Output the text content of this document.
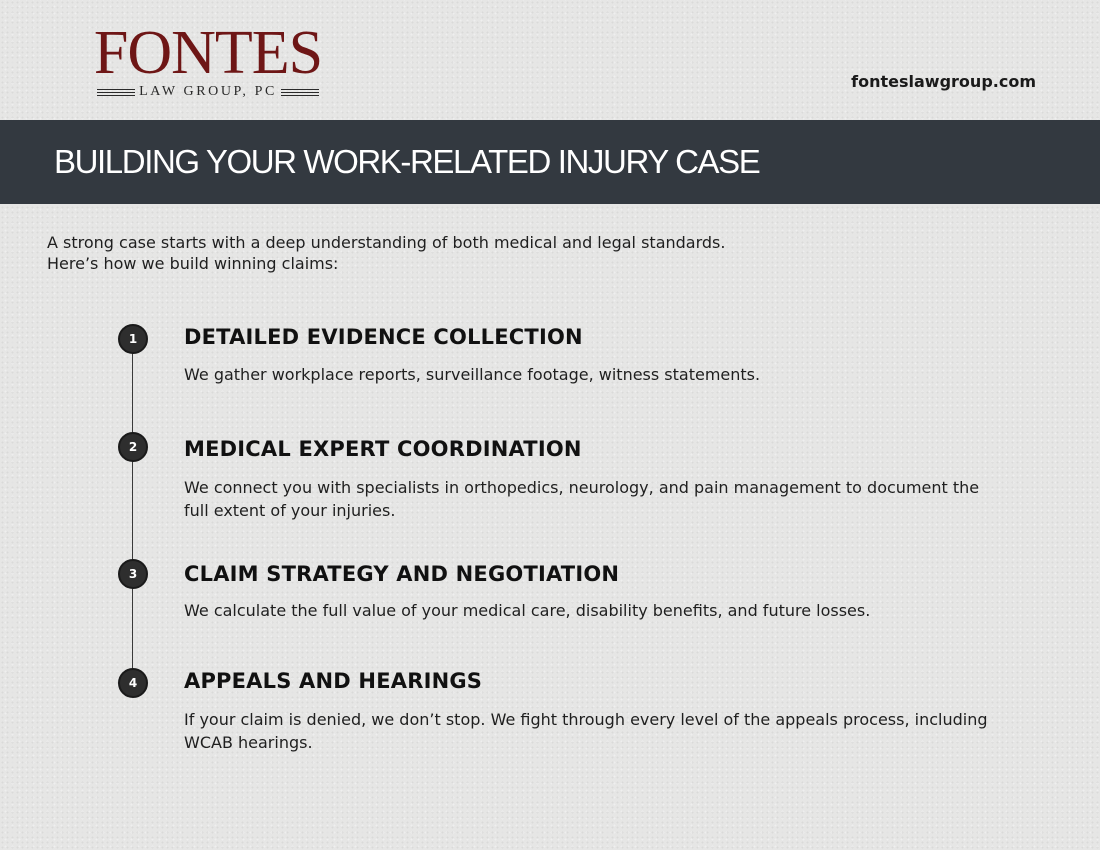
FONTES
LAW GROUP, PC
fonteslawgroup.com
BUILDING YOUR WORK-RELATED INJURY CASE
A strong case starts with a deep understanding of both medical and legal standards.
Here’s how we build winning claims:
1	DETAILED EVIDENCE COLLECTION
We gather workplace reports, surveillance footage, witness statements.
2	MEDICAL EXPERT COORDINATION
We connect you with specialists in orthopedics, neurology, and pain management to document the full extent of your injuries.
3	CLAIM STRATEGY AND NEGOTIATION
We calculate the full value of your medical care, disability benefits, and future losses.
4	APPEALS AND HEARINGS
If your claim is denied, we don’t stop. We fight through every level of the appeals process, including WCAB hearings.
